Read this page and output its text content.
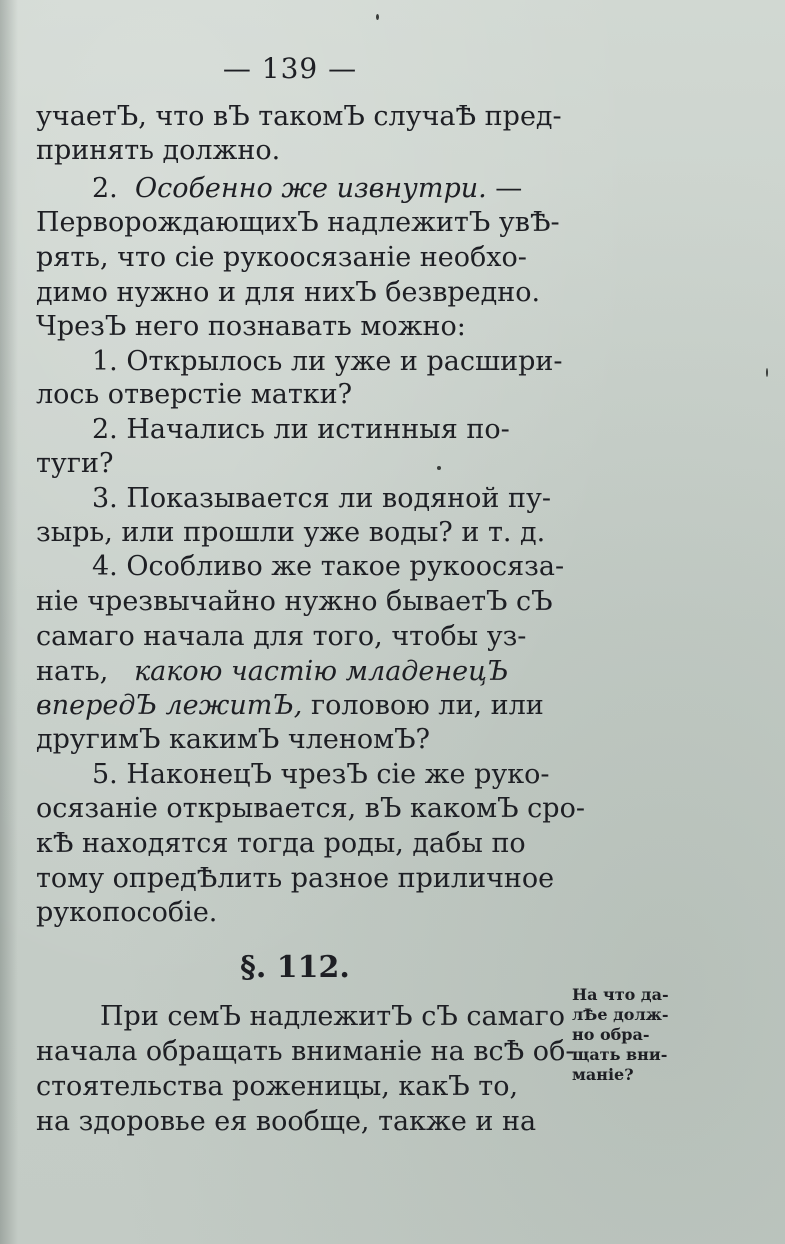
— 139 —
учаетЪ, что вЪ такомЪ случаѢ пред-
принять должно.
2. Особенно же извнутри. —
ПерворождающихЪ надлежитЪ увѢ-
рять, что сіе рукоосязаніе необхо-
димо нужно и для нихЪ безвредно.
ЧрезЪ него познавать можно:
1. Открылось ли уже и расшири-
лось отверстіе матки?
2. Начались ли истинныя по-
туги?
3. Показывается ли водяной пу-
зырь, или прошли уже воды? и т. д.
4. Особливо же такое рукоосяза-
ніе чрезвычайно нужно бываетЪ сЪ
самаго начала для того, чтобы уз-
нать, какою частію младенецЪ
впередЪ лежитЪ, головою ли, или
другимЪ какимЪ членомЪ?
5. НаконецЪ чрезЪ сіе же руко-
осязаніе открывается, вЪ какомЪ сро-
кѢ находятся тогда роды, дабы по
тому опредѢлить разное приличное
рукопособіе.
§. 112.
При семЪ надлежитЪ сЪ самаго
начала обращать вниманіе на всѢ об-
стоятельства роженицы, какЪ то,
на здоровье ея вообще, также и на
На что да-
лѢе долж-
но обра-
щать вни-
маніе?
